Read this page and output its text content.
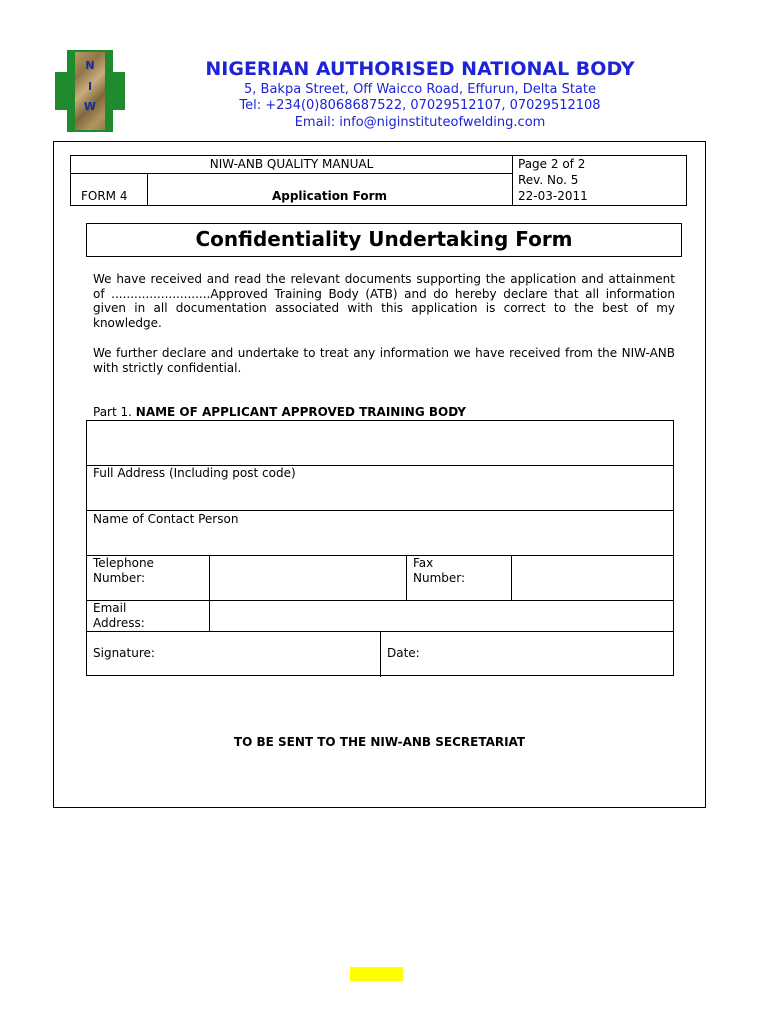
N
I
W
NIGERIAN AUTHORISED NATIONAL BODY
5, Bakpa Street, Off Waicco Road, Effurun, Delta State
Tel: +234(0)8068687522, 07029512107, 07029512108
Email: info@niginstituteofwelding.com
NIW-ANB QUALITY MANUAL
FORM 4	Application Form
Page 2 of 2
Rev. No. 5
22-03-2011
Confidentiality Undertaking Form
We have received and read the relevant documents supporting the application and attainment of ..........................Approved Training Body (ATB) and do hereby declare that all information given in all documentation associated with this application is correct to the best of my knowledge.
We further declare and undertake to treat any information we have received from the NIW-ANB with strictly confidential.
Part 1. NAME OF APPLICANT APPROVED TRAINING BODY
Full Address (Including post code)
Name of Contact Person
Telephone Number:
Fax Number:
Email Address:
Signature:	Date:
TO BE SENT TO THE NIW-ANB SECRETARIAT
